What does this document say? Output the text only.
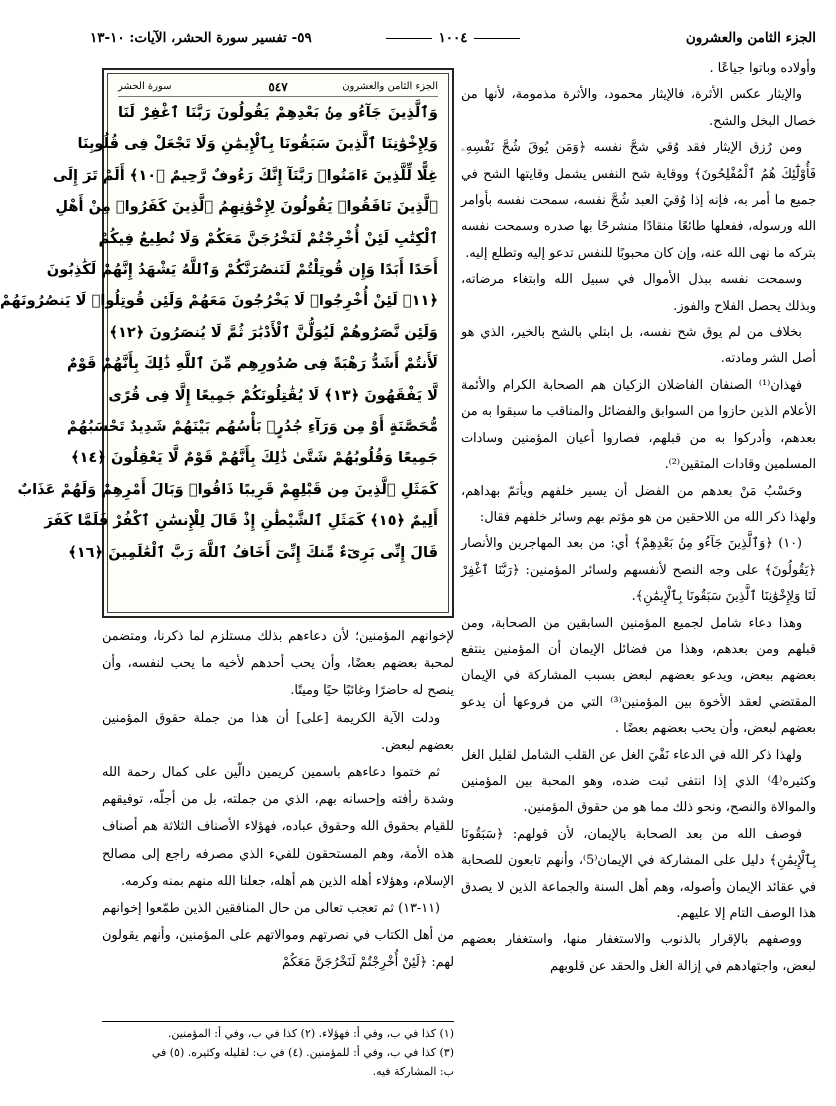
الجزء الثامن والعشرون
١٠٠٤
٥٩- تفسير سورة الحشر، الآيات: ١٠-١٣

وأولاده وباتوا جياعًا .

والإيثار عكس الأثرة، فالإيثار محمود، والأثرة مذمومة، لأنها من خصال البخل والشح.

ومن رُزق الإيثار فقد وُقي شحَّ نفسه ﴿وَمَن يُوقَ شُحَّ نَفْسِهِۦ فَأُوْلَٰٓئِكَ هُمُ ٱلْمُفْلِحُونَ﴾ ووقاية شح النفس يشمل وقايتها الشح في جميع ما أمر به، فإنه إذا وُقيَ العبد شُحَّ نفسه، سمحت نفسه بأوامر الله ورسوله، ففعلها طائعًا منقادًا منشرحًا بها صدره وسمحت نفسه بتركه ما نهى الله عنه، وإن كان محبوبًا للنفس تدعو إليه وتطلع إليه.

وسمحت نفسه ببذل الأموال في سبيل الله وابتغاء مرضاته، وبذلك يحصل الفلاح والفوز.

بخلاف من لم يوق شح نفسه، بل ابتلي بالشح بالخير، الذي هو أصل الشر ومادته.

فهذان⁽¹⁾ الصنفان الفاضلان الزكيان هم الصحابة الكرام والأئمة الأعلام الذين حازوا من السوابق والفضائل والمناقب ما سبقوا به من بعدهم، وأدركوا به من قبلهم، فصاروا أعيان المؤمنين وسادات المسلمين وقادات المتقين⁽²⁾.

وحَسْبُ مَنْ بعدهم من الفضل أن يسير خلفهم ويأتمّ بهداهم، ولهذا ذكر الله من اللاحقين من هو مؤتم بهم وسائر خلفهم فقال:

(١٠) ﴿وَٱلَّذِينَ جَآءُو مِنۢ بَعْدِهِمْ﴾ أي: من بعد المهاجرين والأنصار ﴿يَقُولُونَ﴾ على وجه النصح لأنفسهم ولسائر المؤمنين: ﴿رَبَّنَا ٱغْفِرْ لَنَا وَلِإِخْوَٰنِنَا ٱلَّذِينَ سَبَقُونَا بِٱلْإِيمَٰنِ﴾.

وهذا دعاء شامل لجميع المؤمنين السابقين من الصحابة، ومن قبلهم ومن بعدهم، وهذا من فضائل الإيمان أن المؤمنين ينتفع بعضهم ببعض، ويدعو بعضهم لبعض بسبب المشاركة في الإيمان المقتضي لعقد الأخوة بين المؤمنين⁽³⁾ التي من فروعها أن يدعو بعضهم لبعض، وأن يحب بعضهم بعضًا .

ولهذا ذكر الله في الدعاء نَفْيَ الغل عن القلب الشامل لقليل الغل وكثيره⁽4⁾ الذي إذا انتفى ثبت ضده، وهو المحبة بين المؤمنين والموالاة والنصح، ونحو ذلك مما هو من حقوق المؤمنين.

فوصف الله من بعد الصحابة بالإيمان، لأن قولهم: ﴿سَبَقُونَا بِٱلْإِيمَٰنِ﴾ دليل على المشاركة في الإيمان⁽5⁾، وأنهم تابعون للصحابة في عقائد الإيمان وأصوله، وهم أهل السنة والجماعة الذين لا يصدق هذا الوصف التام إلا عليهم.

ووصفهم بالإقرار بالذنوب والاستغفار منها، واستغفار بعضهم لبعض، واجتهادهم في إزالة الغل والحقد عن قلوبهم

الجزء الثامن والعشرون
٥٤٧
سورة الحشر
وَٱلَّذِينَ جَآءُو مِنۢ بَعْدِهِمْ يَقُولُونَ رَبَّنَا ٱغْفِرْ لَنَا
وَلِإِخْوَٰنِنَا ٱلَّذِينَ سَبَقُونَا بِٱلْإِيمَٰنِ وَلَا تَجْعَلْ فِى قُلُوبِنَا
غِلًّا لِّلَّذِينَ ءَامَنُوا۟ رَبَّنَآ إِنَّكَ رَءُوفٌ رَّحِيمٌ ﴿١٠﴾ أَلَمْ تَرَ إِلَى
ٱلَّذِينَ نَافَقُوا۟ يَقُولُونَ لِإِخْوَٰنِهِمُ ٱلَّذِينَ كَفَرُوا۟ مِنْ أَهْلِ
ٱلْكِتَٰبِ لَئِنْ أُخْرِجْتُمْ لَنَخْرُجَنَّ مَعَكُمْ وَلَا نُطِيعُ فِيكُمْ
أَحَدًا أَبَدًا وَإِن قُوتِلْتُمْ لَنَنصُرَنَّكُمْ وَٱللَّهُ يَشْهَدُ إِنَّهُمْ لَكَٰذِبُونَ
﴿١١﴾ لَئِنْ أُخْرِجُوا۟ لَا يَخْرُجُونَ مَعَهُمْ وَلَئِن قُوتِلُوا۟ لَا يَنصُرُونَهُمْ
وَلَئِن نَّصَرُوهُمْ لَيُوَلُّنَّ ٱلْأَدْبَٰرَ ثُمَّ لَا يُنصَرُونَ ﴿١٢﴾
لَأَنتُمْ أَشَدُّ رَهْبَةً فِى صُدُورِهِم مِّنَ ٱللَّهِ ذَٰلِكَ بِأَنَّهُمْ قَوْمٌ
لَّا يَفْقَهُونَ ﴿١٣﴾ لَا يُقَٰتِلُونَكُمْ جَمِيعًا إِلَّا فِى قُرًى
مُّحَصَّنَةٍ أَوْ مِن وَرَآءِ جُدُرٍۭ بَأْسُهُم بَيْنَهُمْ شَدِيدٌ تَحْسَبُهُمْ
جَمِيعًا وَقُلُوبُهُمْ شَتَّىٰ ذَٰلِكَ بِأَنَّهُمْ قَوْمٌ لَّا يَعْقِلُونَ ﴿١٤﴾
كَمَثَلِ ٱلَّذِينَ مِن قَبْلِهِمْ قَرِيبًا ذَاقُوا۟ وَبَالَ أَمْرِهِمْ وَلَهُمْ عَذَابٌ
أَلِيمٌ ﴿١٥﴾ كَمَثَلِ ٱلشَّيْطَٰنِ إِذْ قَالَ لِلْإِنسَٰنِ ٱكْفُرْ فَلَمَّا كَفَرَ
قَالَ إِنِّى بَرِىٓءٌ مِّنكَ إِنِّىٓ أَخَافُ ٱللَّهَ رَبَّ ٱلْعَٰلَمِينَ ﴿١٦﴾

لإخوانهم المؤمنين؛ لأن دعاءهم بذلك مستلزم لما ذكرنا، ومتضمن لمحبة بعضهم بعضًا، وأن يحب أحدهم لأخيه ما يحب لنفسه، وأن ينصح له حاضرًا وغائبًا حيًا وميتًا.

ودلت الآية الكريمة [على] أن هذا من جملة حقوق المؤمنين بعضهم لبعض.

ثم ختموا دعاءهم باسمين كريمين دالّين على كمال رحمة الله وشدة رأفته وإحسانه بهم، الذي من جملته، بل من أجلّه، توفيقهم للقيام بحقوق الله وحقوق عباده، فهؤلاء الأصناف الثلاثة هم أصناف هذه الأمة، وهم المستحقون للفيء الذي مصرفه راجع إلى مصالح الإسلام، وهؤلاء أهله الذين هم أهله، جعلنا الله منهم بمنه وكرمه.

(١١-١٣) ثم تعجب تعالى من حال المنافقين الذين طمّعوا إخوانهم من أهل الكتاب في نصرتهم وموالاتهم على المؤمنين، وأنهم يقولون لهم: ﴿لَئِنْ أُخْرِجْتُمْ لَنَخْرُجَنَّ مَعَكُمْ

(١) كذا في ب، وفي أ: فهؤلاء. (٢) كذا في ب، وفي أ: المؤمنين.
(٣) كذا في ب، وفي أ: للمؤمنين. (٤) في ب: لقليله وكثيره. (٥) في
ب: المشاركة فيه.
